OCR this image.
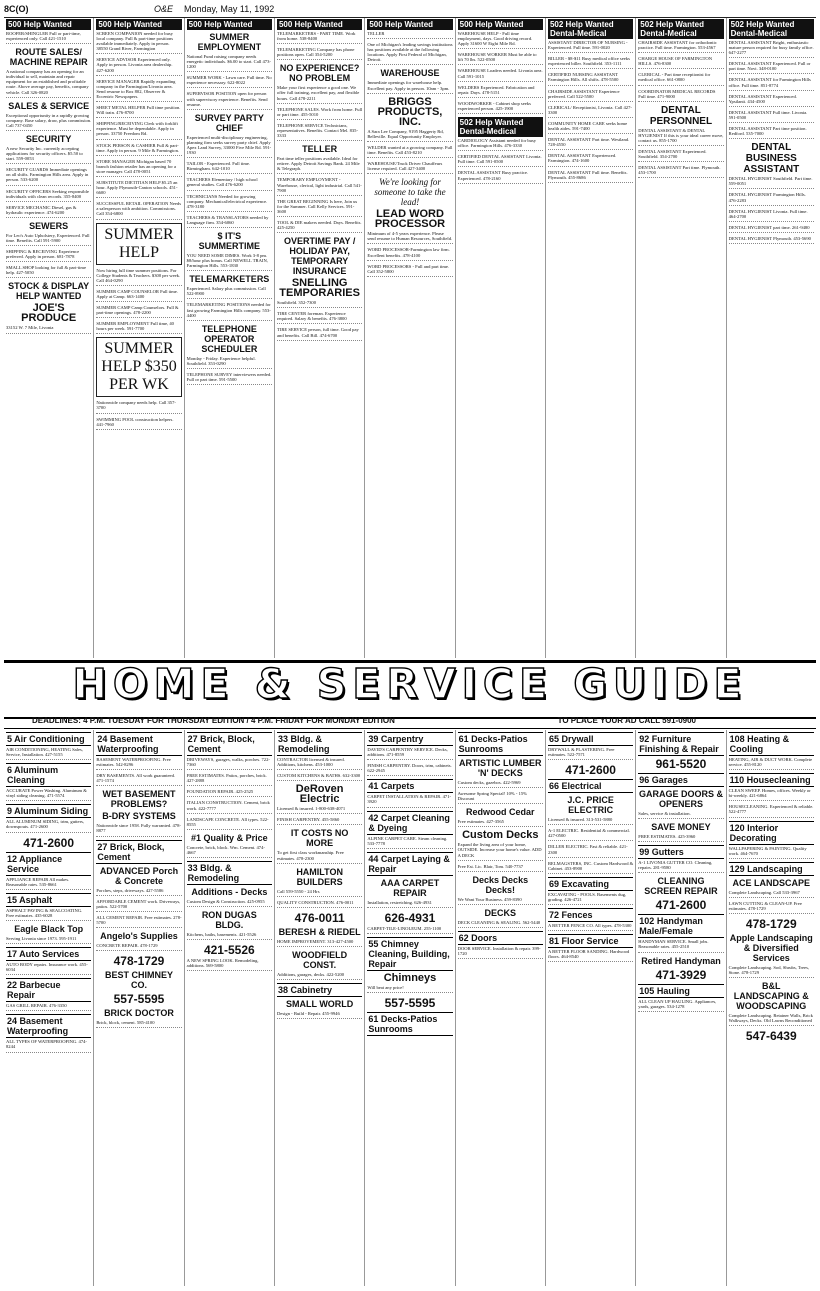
8C(O)	O&E Monday, May 11, 1992
500 Help Wanted
ROOFER/SHINGLER Full or part-time, experienced only. Call 421-1510
ROUTE SALES/ MACHINE REPAIR
A national company has an opening for an individual to sell, maintain and repair equipment for an established and profitable route. Above average pay, benefits, company vehicle. Call 326-0820
SALES & SERVICE
Exceptional opportunity in a rapidly growing company. Base salary, draw, plus commission. Call 737-0450
SECURITY
A new Security Inc. currently accepting applications for security officers. $5.50 to start. 559-0053
SECURITY GUARDS Immediate openings on all shifts. Farmington Hills area. Apply in person. 533-6200
SECURITY OFFICERS Seeking responsible individuals with clean records. 355-8400
SERVICE MECHANIC Diesel, gas & hydraulic experience. 474-6200
SEWERS
For Leo's Auto Upholstery, Experienced. Full time. Benefits. Call 591-5900
SHIPPING & RECEIVING Experience preferred. Apply in person. 681-7878
SMALL SHOP looking for full & part-time help. 427-5050
STOCK & DISPLAY HELP WANTED
JOE'S PRODUCE
33152 W. 7 Mile, Livonia
500 Help Wanted
SCREEN COMPANION needed for busy local company. Full & part-time positions available immediately. Apply in person. 38550 Grand River, Farmington
SERVICE ADVISOR Experienced only. Apply in person. Livonia area dealership. 427-6200
SERVICE MANAGER Rapidly expanding company in the Farmington/Livonia area. Send resume to Box 802, Observer & Eccentric Newspapers.
SHEET METAL HELPER Full time position. Will train. 476-8700
SHIPPING/RECEIVING Clerk with forklift experience. Must be dependable. Apply in person. 33750 Freedom Rd.
STOCK PERSON & CASHIER Full & part-time. Apply in person. 9 Mile & Farmington.
STORE MANAGER Michigan based 70 branch fashion retailer has an opening for a store manager. Call 478-0051
SUBSTITUTE DIETITIAN HELP $5.25 an hour. Apply Plymouth-Canton schools. 451-6600
SUCCESSFUL RETAIL OPERATION Needs a salesperson with ambition. Commissions. Call 354-6800
SUMMER HELP
Now hiring full time summer positions. For College Students & Teachers. $300 per week. Call 464-0290
SUMMER CAMP COUNSELOR Full time. Apply at Camp. 663-1400
SUMMER CAMP Camp Counselors. Full & part-time openings. 478-2200
SUMMER EMPLOYMENT Full time, 40 hours per week. 591-7700
SUMMER HELP $350 PER WK
Nationwide company needs help. Call 357-3700
SWIMMING POOL construction helpers. 441-7960
500 Help Wanted
SUMMER EMPLOYMENT
National Fund raising company needs energetic individuals. $6.00 to start. Call 473-1200
SUMMER WORK - Lawn care. Full time. No experience necessary. 622-8022
SUPERVISOR POSITION open for person with supervisory experience. Benefits. Send resume.
SURVEY PARTY CHIEF
Experienced multi-disciplinary engineering, planning firm seeks survey party chief. Apply Apex Land Survey, 33000 Five Mile Rd. 591-1930
TAILOR - Experienced. Full time. Birmingham. 642-1010
TEACHERS Elementary / high school general studies. Call 476-6200
TECHNICIANS Needed for growing company. Mechanical/electrical experience. 478-3180
TEACHERS & TRANSLATORS needed by Language firm. 354-6060
$ IT'S SUMMERTIME
YOU NEED SOME DIMES. Work 3-8 pm. $8/hour plus bonus. Call NEWELL TRAIN, Farmington Hills. 553-1830
TELEMARKETERS
Experienced. Salary plus commission. Call 522-8900
TELEMARKETING POSITIONS needed for fast growing Farmington Hills company. 553-4400
TELEPHONE OPERATOR SCHEDULER
Monday - Friday. Experience helpful. Southfield. 353-0290
TELEPHONE SURVEY interviewers needed. Full or part time. 591-5500
500 Help Wanted
TELEMARKETERS - PART TIME. Work from home. 538-8400
TELEMARKETING Company has phone positions open. Call 354-5200
NO EXPERIENCE? NO PROBLEM
Make your first experience a good one. We offer full training, excellent pay, and flexible hours. Call 478-2211
TELEPHONE SALES. Work from home. Full or part time. 455-5010
TELEPHONE SERVICE Technicians, representatives. Benefits. Contact Mel. 835-3333
TELLER
Part time teller positions available. Ideal for retiree. Apply Detroit Savings Bank. 24 Mile & Telegraph.
TEMPORARY EMPLOYMENT - Warehouse, clerical, light industrial. Call 541-7900
THE GREAT BEGINNING Is here, Join us for the Summer. Call Kelly Services. 591-3600
TOOL & DIE makers needed. Days. Benefits. 425-4250
OVERTIME PAY / HOLIDAY PAY, TEMPORARY INSURANCE
SNELLING TEMPORARIES
Southfield. 352-7300
TIRE CENTER foreman. Experience required. Salary & benefits. 476-3800
TIRE SERVICE person, full time. Good pay and benefits. Call Bill. 474-6700
500 Help Wanted
TELLER
One of Michigan's leading savings institutions has positions available at the following locations. Apply First Federal of Michigan, Detroit.
WAREHOUSE
Immediate openings for warehouse help. Excellent pay. Apply in person. 10am - 3pm.
BRIGGS PRODUCTS, INC.
A Sara Lee Company, 9195 Haggerty Rd, Belleville. Equal Opportunity Employer.
WELDER wanted at a growing company. Full time. Benefits. Call 453-8210
WAREHOUSE/Truck Driver Chauffeurs license required. Call 427-3400
We're looking for someone to take the lead!
LEAD WORD PROCESSOR
Minimum of 4-5 years experience. Please send resume to Human Resources, Southfield.
WORD PROCESSOR-Farmington law firm. Excellent benefits. 478-4100
WORD PROCESSORS - Full and part time. Call 352-5800
500 Help Wanted
WAREHOUSE HELP - Full time employment, days. Good driving record. Apply 31600 W Eight Mile Rd.
WAREHOUSE WORKER Must be able to lift 70 lbs. 522-0500
WAREHOUSE Loaders needed. Livonia area. Call 591-1015
WELDERS Experienced. Fabrication and repair. Days. 478-5151
WOODWORKER - Cabinet shop seeks experienced person. 425-1900
502 Help Wanted Dental-Medical
CARDIOLOGY Assistant needed for busy office. Farmington Hills. 476-3330
CERTIFIED DENTAL ASSISTANT Livonia. Full time. Call 591-0500
DENTAL ASSISTANT Busy practice. Experienced. 478-2160
502 Help Wanted Dental-Medical
ASSISTANT DIRECTOR OF NURSING - Experienced. Full time. 591-0020
BILLER - $8-$11 Busy medical office seeks experienced biller. Southfield. 353-1111
CERTIFIED NURSING ASSISTANT Farmington Hills. All shifts. 478-5500
CHAIRSIDE ASSISTANT Experience preferred. Call 522-5500
CLERICAL/ Receptionist, Livonia. Call 427-3300
COMMUNITY HOME CARE seeks home health aides. 591-7400
DENTAL ASSISTANT Part time. Westland. 728-4550
DENTAL ASSISTANT Experienced. Farmington. 474-1600
DENTAL ASSISTANT Full time. Benefits. Plymouth. 455-8686
502 Help Wanted Dental-Medical
CHAIRSIDE ASSISTANT for orthodontic practice. Full time. Farmington. 553-4567
CHARGE HOUSE OF FARMINGTON HILLS. 476-8300
CLERICAL - Part time receptionist for medical office. 661-0800
COORDINATOR MEDICAL RECORDS Full time. 471-9000
DENTAL PERSONNEL
DENTAL ASSISTANT & DENTAL HYGIENIST If this is your ideal career move, contact us. 855-1700
DENTAL ASSISTANT Experienced. Southfield. 354-2700
DENTAL ASSISTANT Part time. Plymouth. 453-1700
502 Help Wanted Dental-Medical
DENTAL ASSISTANT Bright, enthusiastic mature person required for busy family office. 647-2277
DENTAL ASSISTANT Experienced. Full or part time. Novi. 348-0100
DENTAL ASSISTANT for Farmington Hills office. Full time. 851-8774
DENTAL ASSISTANT Experienced. Ypsilanti. 434-4500
DENTAL ASSISTANT Full time. Livonia. 591-0500
DENTAL ASSISTANT Part time position. Redford. 535-7000
DENTAL BUSINESS ASSISTANT
DENTAL HYGIENIST Southfield. Part time. 559-0051
DENTAL HYGIENIST Farmington Hills. 476-2283
DENTAL HYGIENIST Livonia. Full time. 464-2700
DENTAL HYGIENIST part time. 261-9480
DENTAL HYGIENIST Plymouth. 453-5690
HOME & SERVICE GUIDE
DEADLINES: 4 P.M. TUESDAY FOR THURSDAY EDITION / 4 P.M. FRIDAY FOR MONDAY EDITION	TO PLACE YOUR AD CALL 591-0900
5 Air Conditioning
AIR CONDITIONING, HEATING Sales, Service, Installation. 427-5155
6 Aluminum Cleaning
ACCURATE Power Washing. Aluminum & vinyl siding cleaning. 471-5574
9 Aluminum Siding
ALL ALUMINUM SIDING, trim, gutters, downspouts. 471-2600
471-2600
12 Appliance Service
APPLIANCE REPAIR All makes. Reasonable rates. 535-8661
15 Asphalt
ASPHALT PAVING & SEALCOATING. Free estimates. 435-6028
Eagle Black Top
Serving Livonia since 1973. 595-1911
17 Auto Services
AUTO BODY repairs. Insurance work. 455-6034
22 Barbecue Repair
GAS GRILL REPAIR. 476-3350
24 Basement Waterproofing
ALL TYPES OF WATERPROOFING. 474-8244
24 Basement Waterproofing
BASEMENT WATERPROOFING. Free estimates. 542-8296
DRY BASEMENTS. All work guaranteed. 471-1574
WET BASEMENT PROBLEMS?
B-DRY SYSTEMS
Nationwide since 1958. Fully warranted. 478-8877
27 Brick, Block, Cement
ADVANCED Porch & Concrete
Porches, steps, driveways. 427-5586
AFFORDABLE CEMENT work. Driveways, patios. 522-5700
ALL CEMENT REPAIR. Free estimates. 278-5700
Angelo's Supplies
CONCRETE REPAIR. 478-1729
478-1729
BEST CHIMNEY CO.
557-5595
BRICK DOCTOR
Brick, block, cement. 585-4100
27 Brick, Block, Cement
DRIVEWAYS, garages, walks, porches. 722-7360
FREE ESTIMATES. Patios, porches, brick. 427-2888
FOUNDATION REPAIR. 425-2525
ITALIAN CONSTRUCTION. Cement, brick work. 422-7777
LANDSCAPE CONCRETE. All types. 522-8555
#1 Quality & Price
Concrete, brick, block. Wm. Cement. 474-4667
33 Bldg. & Remodeling
Additions - Decks
Custom Design & Construction. 425-0955
RON DUGAS BLDG.
Kitchens, baths, basements. 421-5526
421-5526
A NEW SPRING LOOK. Remodeling, additions. 569-5800
33 Bldg. & Remodeling
CONTRACTOR licensed & insured. Additions, kitchens. 453-1000
CUSTOM KITCHENS & BATHS. 632-3300
DeRoven Electric
Licensed & insured. 1-800-638-4071
FINISH CARPENTRY. 455-5860
IT COSTS NO MORE
To get first class workmanship. Free estimates. 478-2300
HAMILTON BUILDERS
Call 559-5550 - 24 Hrs
QUALITY CONSTRUCTION. 476-0011
476-0011
BERESH & RIEDEL
HOME IMPROVEMENT. 313-427-4500
WOODFIELD CONST.
Additions, garages, decks. 422-5200
38 Cabinetry
SMALL WORLD
Design - Build - Repair. 455-9946
39 Carpentry
DAVID'S CARPENTRY SERVICE. Decks, additions. 471-8559
FINISH CARPENTRY. Doors, trim, cabinets. 622-2945
41 Carpets
CARPET INSTALLATION & REPAIR. 471-3920
42 Carpet Cleaning & Dyeing
ALPINE CARPET CARE. Steam cleaning. 533-7778
44 Carpet Laying & Repair
AAA CARPET REPAIR
Installation, restretching. 626-4931
626-4931
CARPET-TILE-LINOLEUM. 255-1100
55 Chimney Cleaning, Building, Repair
Chimneys
Will beat any price!
557-5595
61 Decks-Patios Sunrooms
61 Decks-Patios Sunrooms
ARTISTIC LUMBER 'N' DECKS
Custom decks, gazebos. 422-5969
Awesome Spring Special! 10% - 15% Discount
Redwood Cedar
Free estimates. 427-3565
Custom Decks
Expand the living area of your home, OUTSIDE. Increase your home's value. ADD A DECK
Free Est. Lic. Blair, Tom. 540-7737
Decks Decks Decks!
We Want Your Business. 459-8390
DECKS
DECK CLEANING & SEALING. 562-5440
62 Doors
DOOR SERVICE. Installation & repair. 399-1720
65 Drywall
DRYWALL & PLASTERING. Free estimates. 522-7571
471-2600
66 Electrical
J.C. PRICE ELECTRIC
Licensed & insured. 313-531-5880
A-1 ELECTRIC. Residential & commercial. 427-0500
DILLER ELECTRIC. Fast & reliable. 421-2300
RELMAGSTERS, INC. Custom Hardwood & Cabinet. 453-8900
69 Excavating
EXCAVATING - POOLS. Basements dug, grading. 426-4721
72 Fences
A BETTER FENCE CO. All types. 478-5300
81 Floor Service
A BETTER FLOOR SANDING. Hardwood floors. 464-8540
92 Furniture Finishing & Repair
961-5520
96 Garages
GARAGE DOORS & OPENERS
Sales, service & installation.
SAVE MONEY
FREE ESTIMATES. 425-3960
99 Gutters
A-1 LIVONIA GUTTER CO. Cleaning, repairs. 281-9580
CLEANING SCREEN REPAIR
471-2600
102 Handyman Male/Female
HANDYMAN SERVICE. Small jobs. Reasonable rates. 455-2510
Retired Handyman
471-3929
105 Hauling
ALL CLEAN UP HAULING. Appliances, yards, garages. 534-1278
108 Heating & Cooling
HEATING, AIR & DUCT WORK. Complete service. 455-8120
110 Housecleaning
CLEAN SWEEP. Homes, offices. Weekly or bi-weekly. 421-6864
HOUSECLEANING. Experienced & reliable. 522-4777
120 Interior Decorating
WALLPAPERING & PAINTING. Quality work. 464-7670
129 Landscaping
ACE LANDSCAPE
Complete Landscaping. Call 533-3967
LAWN CUTTING & CLEAN-UP. Free estimates. 478-1729
478-1729
Apple Landscaping & Diversified Services
Complete Landscaping. Sod, Shrubs, Trees, Stone. 478-1729
B&L LANDSCAPING & WOODSCAPING
Complete Landscaping. Retainer Walls, Brick Walkways, Decks. Old Lawns Reconditioned
547-6439
